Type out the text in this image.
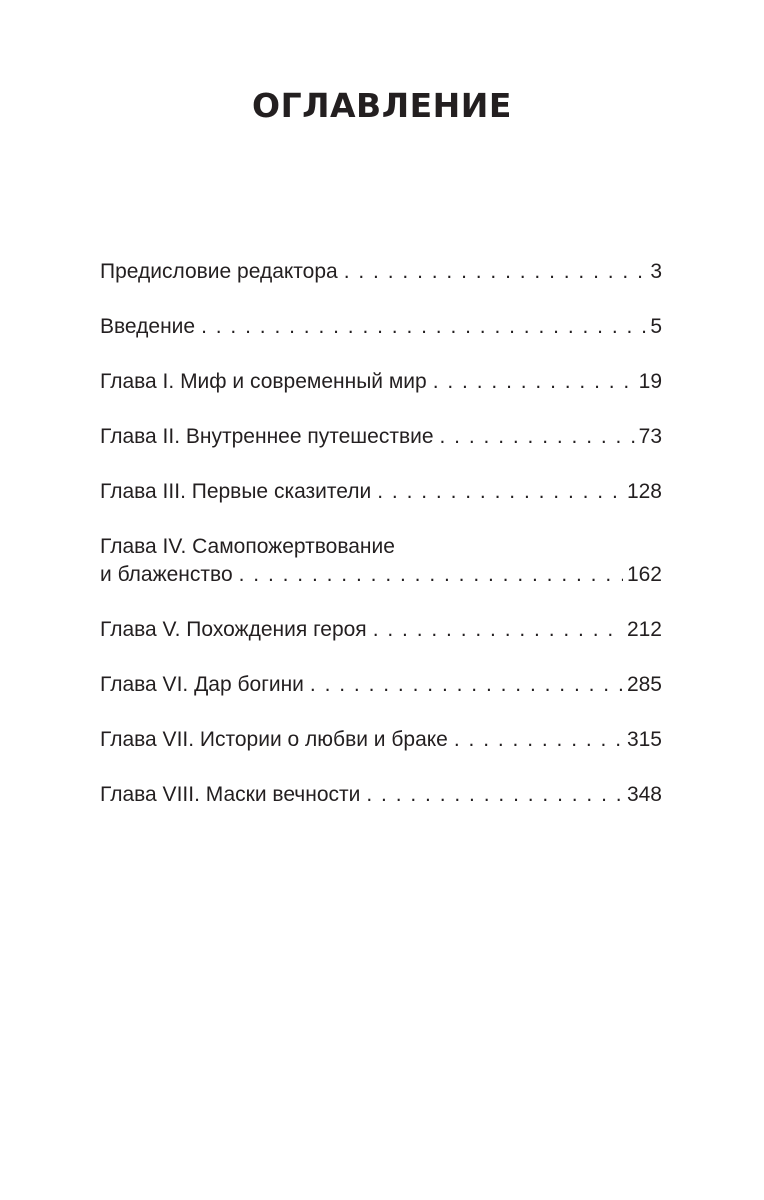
ОГЛАВЛЕНИЕ
Предисловие редактора . . .	3
Введение . . .	5
Глава I. Миф и современный мир . . .	19
Глава II. Внутреннее путешествие . . .	73
Глава III. Первые сказители . . .	128
Глава IV. Самопожертвование
и блаженство . . .	162
Глава V. Похождения героя . . .	212
Глава VI. Дар богини . . .	285
Глава VII. Истории о любви и браке . . .	315
Глава VIII. Маски вечности . . .	348
